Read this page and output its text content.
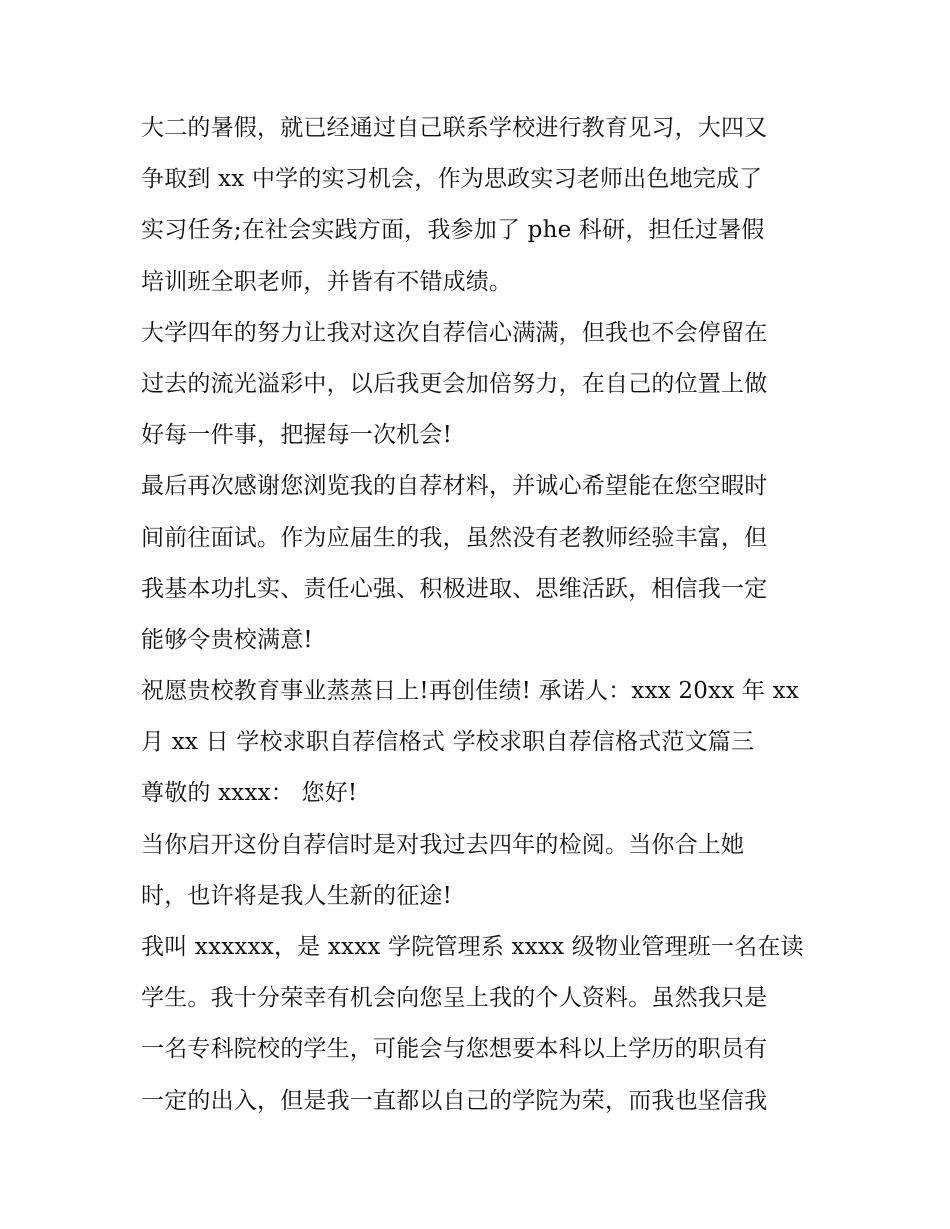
大二的暑假，就已经通过自己联系学校进行教育见习，大四又
争取到 xx 中学的实习机会，作为思政实习老师出色地完成了
实习任务;在社会实践方面，我参加了 phe 科研，担任过暑假
培训班全职老师，并皆有不错成绩。
大学四年的努力让我对这次自荐信心满满，但我也不会停留在
过去的流光溢彩中，以后我更会加倍努力，在自己的位置上做
好每一件事，把握每一次机会!
最后再次感谢您浏览我的自荐材料，并诚心希望能在您空暇时
间前往面试。作为应届生的我，虽然没有老教师经验丰富，但
我基本功扎实、责任心强、积极进取、思维活跃，相信我一定
能够令贵校满意!
祝愿贵校教育事业蒸蒸日上!再创佳绩! 承诺人：xxx 20xx 年 xx
月 xx 日 学校求职自荐信格式 学校求职自荐信格式范文篇三
尊敬的 xxxx： 您好!
当你启开这份自荐信时是对我过去四年的检阅。当你合上她
时，也许将是我人生新的征途!
我叫 xxxxxx，是 xxxx 学院管理系 xxxx 级物业管理班一名在读
学生。我十分荣幸有机会向您呈上我的个人资料。虽然我只是
一名专科院校的学生，可能会与您想要本科以上学历的职员有
一定的出入，但是我一直都以自己的学院为荣，而我也坚信我
